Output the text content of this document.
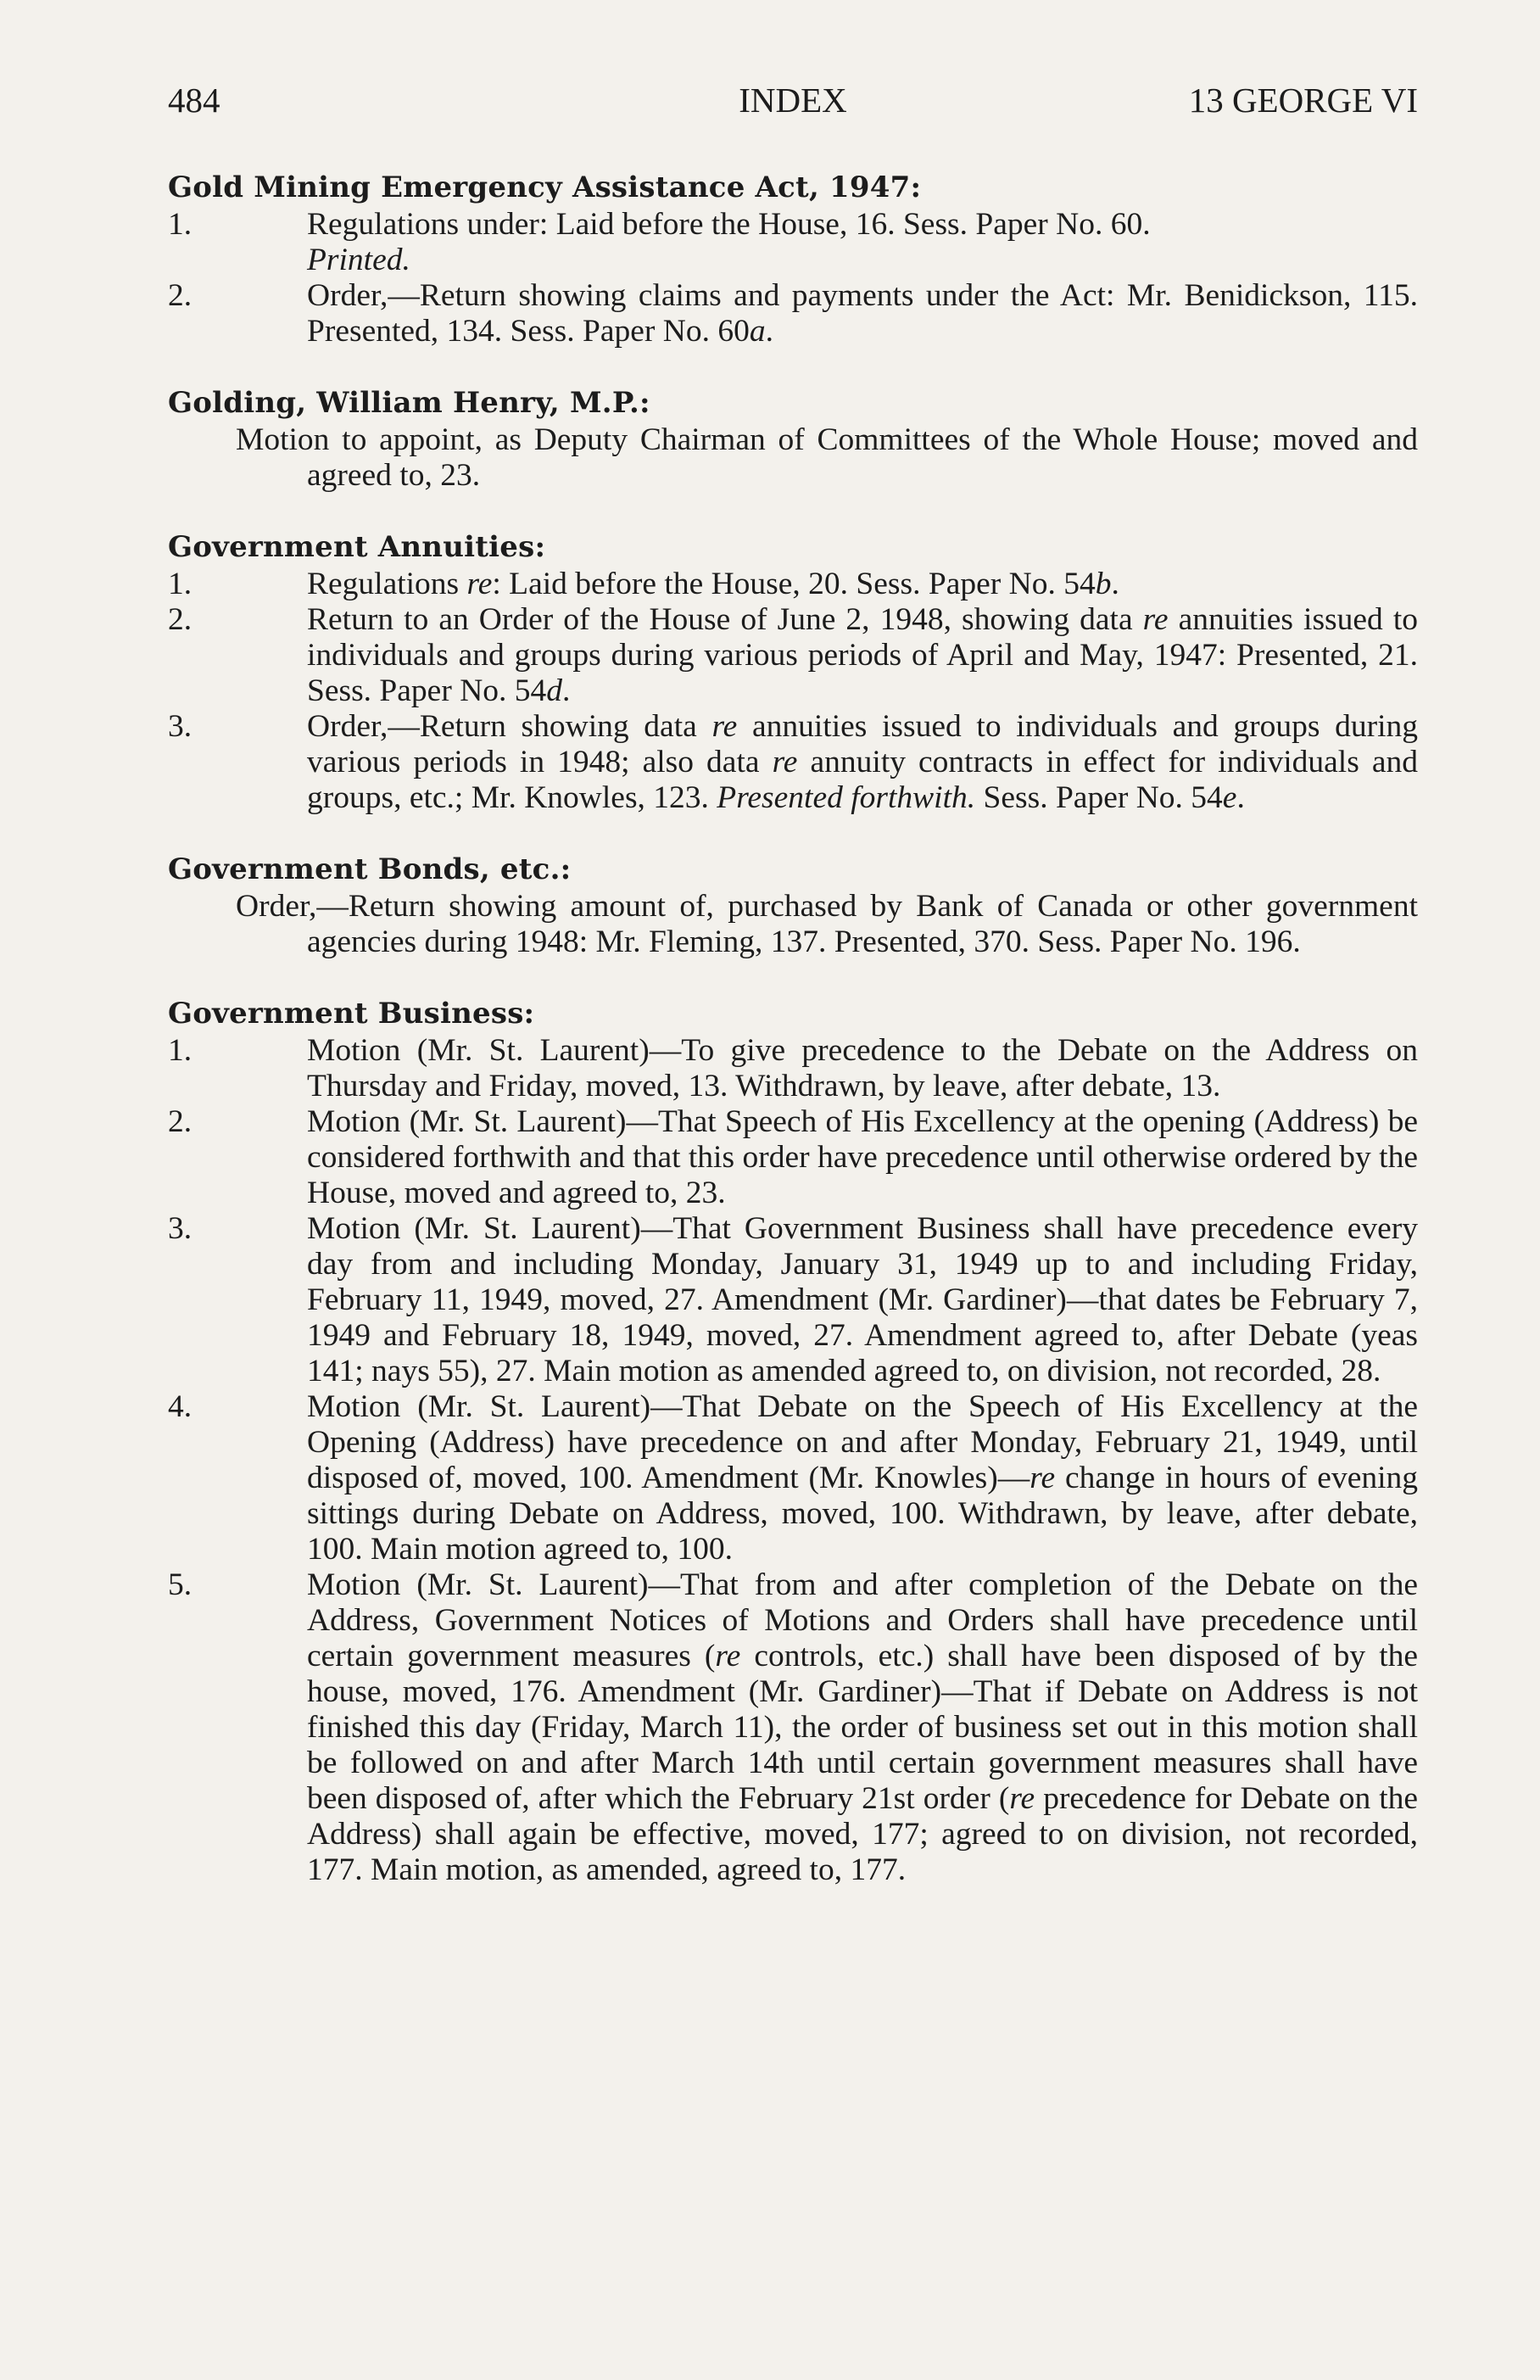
484	INDEX	13 GEORGE VI
Gold Mining Emergency Assistance Act, 1947:
1.	Regulations under: Laid before the House, 16. Sess. Paper No. 60.
Printed.
2.	Order,—Return showing claims and payments under the Act: Mr. Benidickson, 115. Presented, 134. Sess. Paper No. 60a.
Golding, William Henry, M.P.:
Motion to appoint, as Deputy Chairman of Committees of the Whole House; moved and agreed to, 23.
Government Annuities:
1.	Regulations re: Laid before the House, 20. Sess. Paper No. 54b.
2.	Return to an Order of the House of June 2, 1948, showing data re annuities issued to individuals and groups during various periods of April and May, 1947: Presented, 21. Sess. Paper No. 54d.
3.	Order,—Return showing data re annuities issued to individuals and groups during various periods in 1948; also data re annuity contracts in effect for individuals and groups, etc.; Mr. Knowles, 123. Presented forthwith. Sess. Paper No. 54e.
Government Bonds, etc.:
Order,—Return showing amount of, purchased by Bank of Canada or other government agencies during 1948: Mr. Fleming, 137. Presented, 370. Sess. Paper No. 196.
Government Business:
1.	Motion (Mr. St. Laurent)—To give precedence to the Debate on the Address on Thursday and Friday, moved, 13. Withdrawn, by leave, after debate, 13.
2.	Motion (Mr. St. Laurent)—That Speech of His Excellency at the opening (Address) be considered forthwith and that this order have precedence until otherwise ordered by the House, moved and agreed to, 23.
3.	Motion (Mr. St. Laurent)—That Government Business shall have precedence every day from and including Monday, January 31, 1949 up to and including Friday, February 11, 1949, moved, 27. Amendment (Mr. Gardiner)—that dates be February 7, 1949 and February 18, 1949, moved, 27. Amendment agreed to, after Debate (yeas 141; nays 55), 27. Main motion as amended agreed to, on division, not recorded, 28.
4.	Motion (Mr. St. Laurent)—That Debate on the Speech of His Excellency at the Opening (Address) have precedence on and after Monday, February 21, 1949, until disposed of, moved, 100. Amendment (Mr. Knowles)—re change in hours of evening sittings during Debate on Address, moved, 100. Withdrawn, by leave, after debate, 100. Main motion agreed to, 100.
5.	Motion (Mr. St. Laurent)—That from and after completion of the Debate on the Address, Government Notices of Motions and Orders shall have precedence until certain government measures (re controls, etc.) shall have been disposed of by the house, moved, 176. Amendment (Mr. Gardiner)—That if Debate on Address is not finished this day (Friday, March 11), the order of business set out in this motion shall be followed on and after March 14th until certain government measures shall have been disposed of, after which the February 21st order (re precedence for Debate on the Address) shall again be effective, moved, 177; agreed to on division, not recorded, 177. Main motion, as amended, agreed to, 177.
